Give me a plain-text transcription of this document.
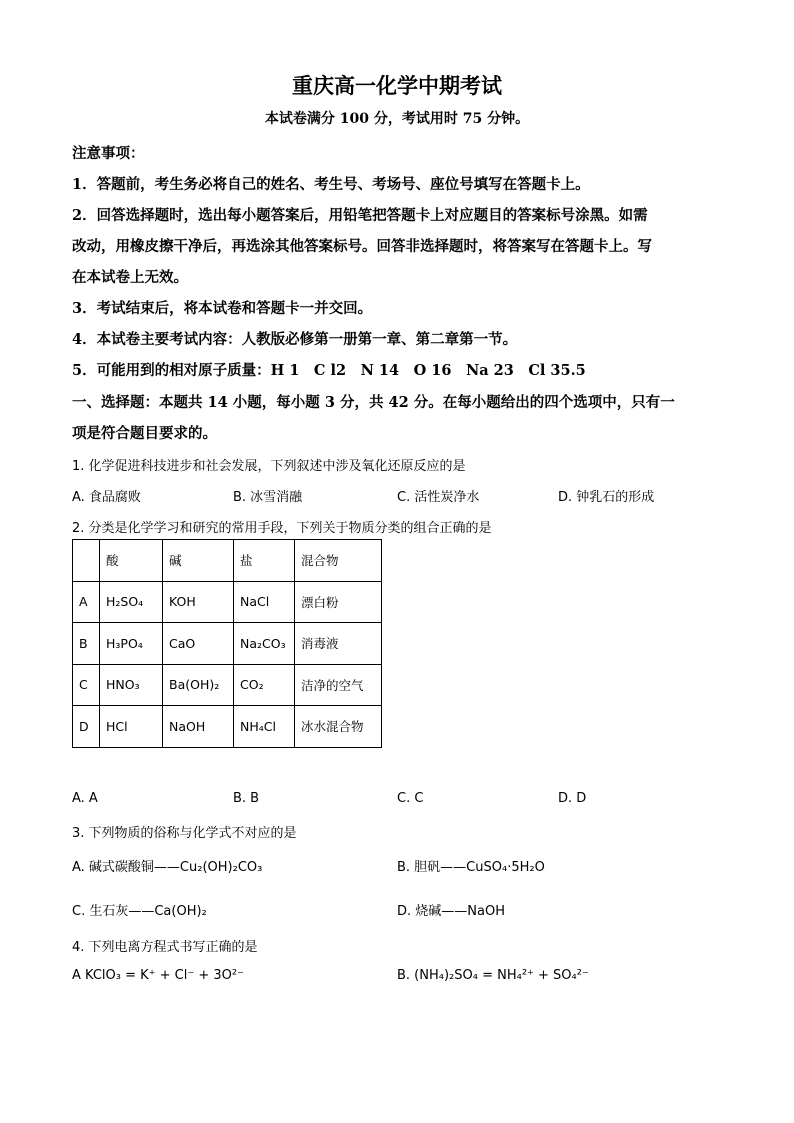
重庆高一化学中期考试
本试卷满分 100 分，考试用时 75 分钟。
注意事项：
1．答题前，考生务必将自己的姓名、考生号、考场号、座位号填写在答题卡上。
2．回答选择题时，选出每小题答案后，用铅笔把答题卡上对应题目的答案标号涂黑。如需
改动，用橡皮擦干净后，再选涂其他答案标号。回答非选择题时，将答案写在答题卡上。写
在本试卷上无效。
3．考试结束后，将本试卷和答题卡一并交回。
4．本试卷主要考试内容：人教版必修第一册第一章、第二章第一节。
5．可能用到的相对原子质量：H 1　C l2　N 14　O 16　Na 23　Cl 35.5
一、选择题：本题共 14 小题，每小题 3 分，共 42 分。在每小题给出的四个选项中，只有一
项是符合题目要求的。
1. 化学促进科技进步和社会发展，下列叙述中涉及氧化还原反应的是
A. 食品腐败	B. 冰雪消融	C. 活性炭净水	D. 钟乳石的形成
2. 分类是化学学习和研究的常用手段，下列关于物质分类的组合正确的是
	酸	碱	盐	混合物
A	H₂SO₄	KOH	NaCl	漂白粉
B	H₃PO₄	CaO	Na₂CO₃	消毒液
C	HNO₃	Ba(OH)₂	CO₂	洁净的空气
D	HCl	NaOH	NH₄Cl	冰水混合物
A. A	B. B	C. C	D. D
3. 下列物质的俗称与化学式不对应的是
A. 碱式碳酸铜——Cu₂(OH)₂CO₃	B. 胆矾——CuSO₄·5H₂O
C. 生石灰——Ca(OH)₂	D. 烧碱——NaOH
4. 下列电离方程式书写正确的是
A KClO₃ = K⁺ + Cl⁻ + 3O²⁻	B. (NH₄)₂SO₄ = NH₄²⁺ + SO₄²⁻
